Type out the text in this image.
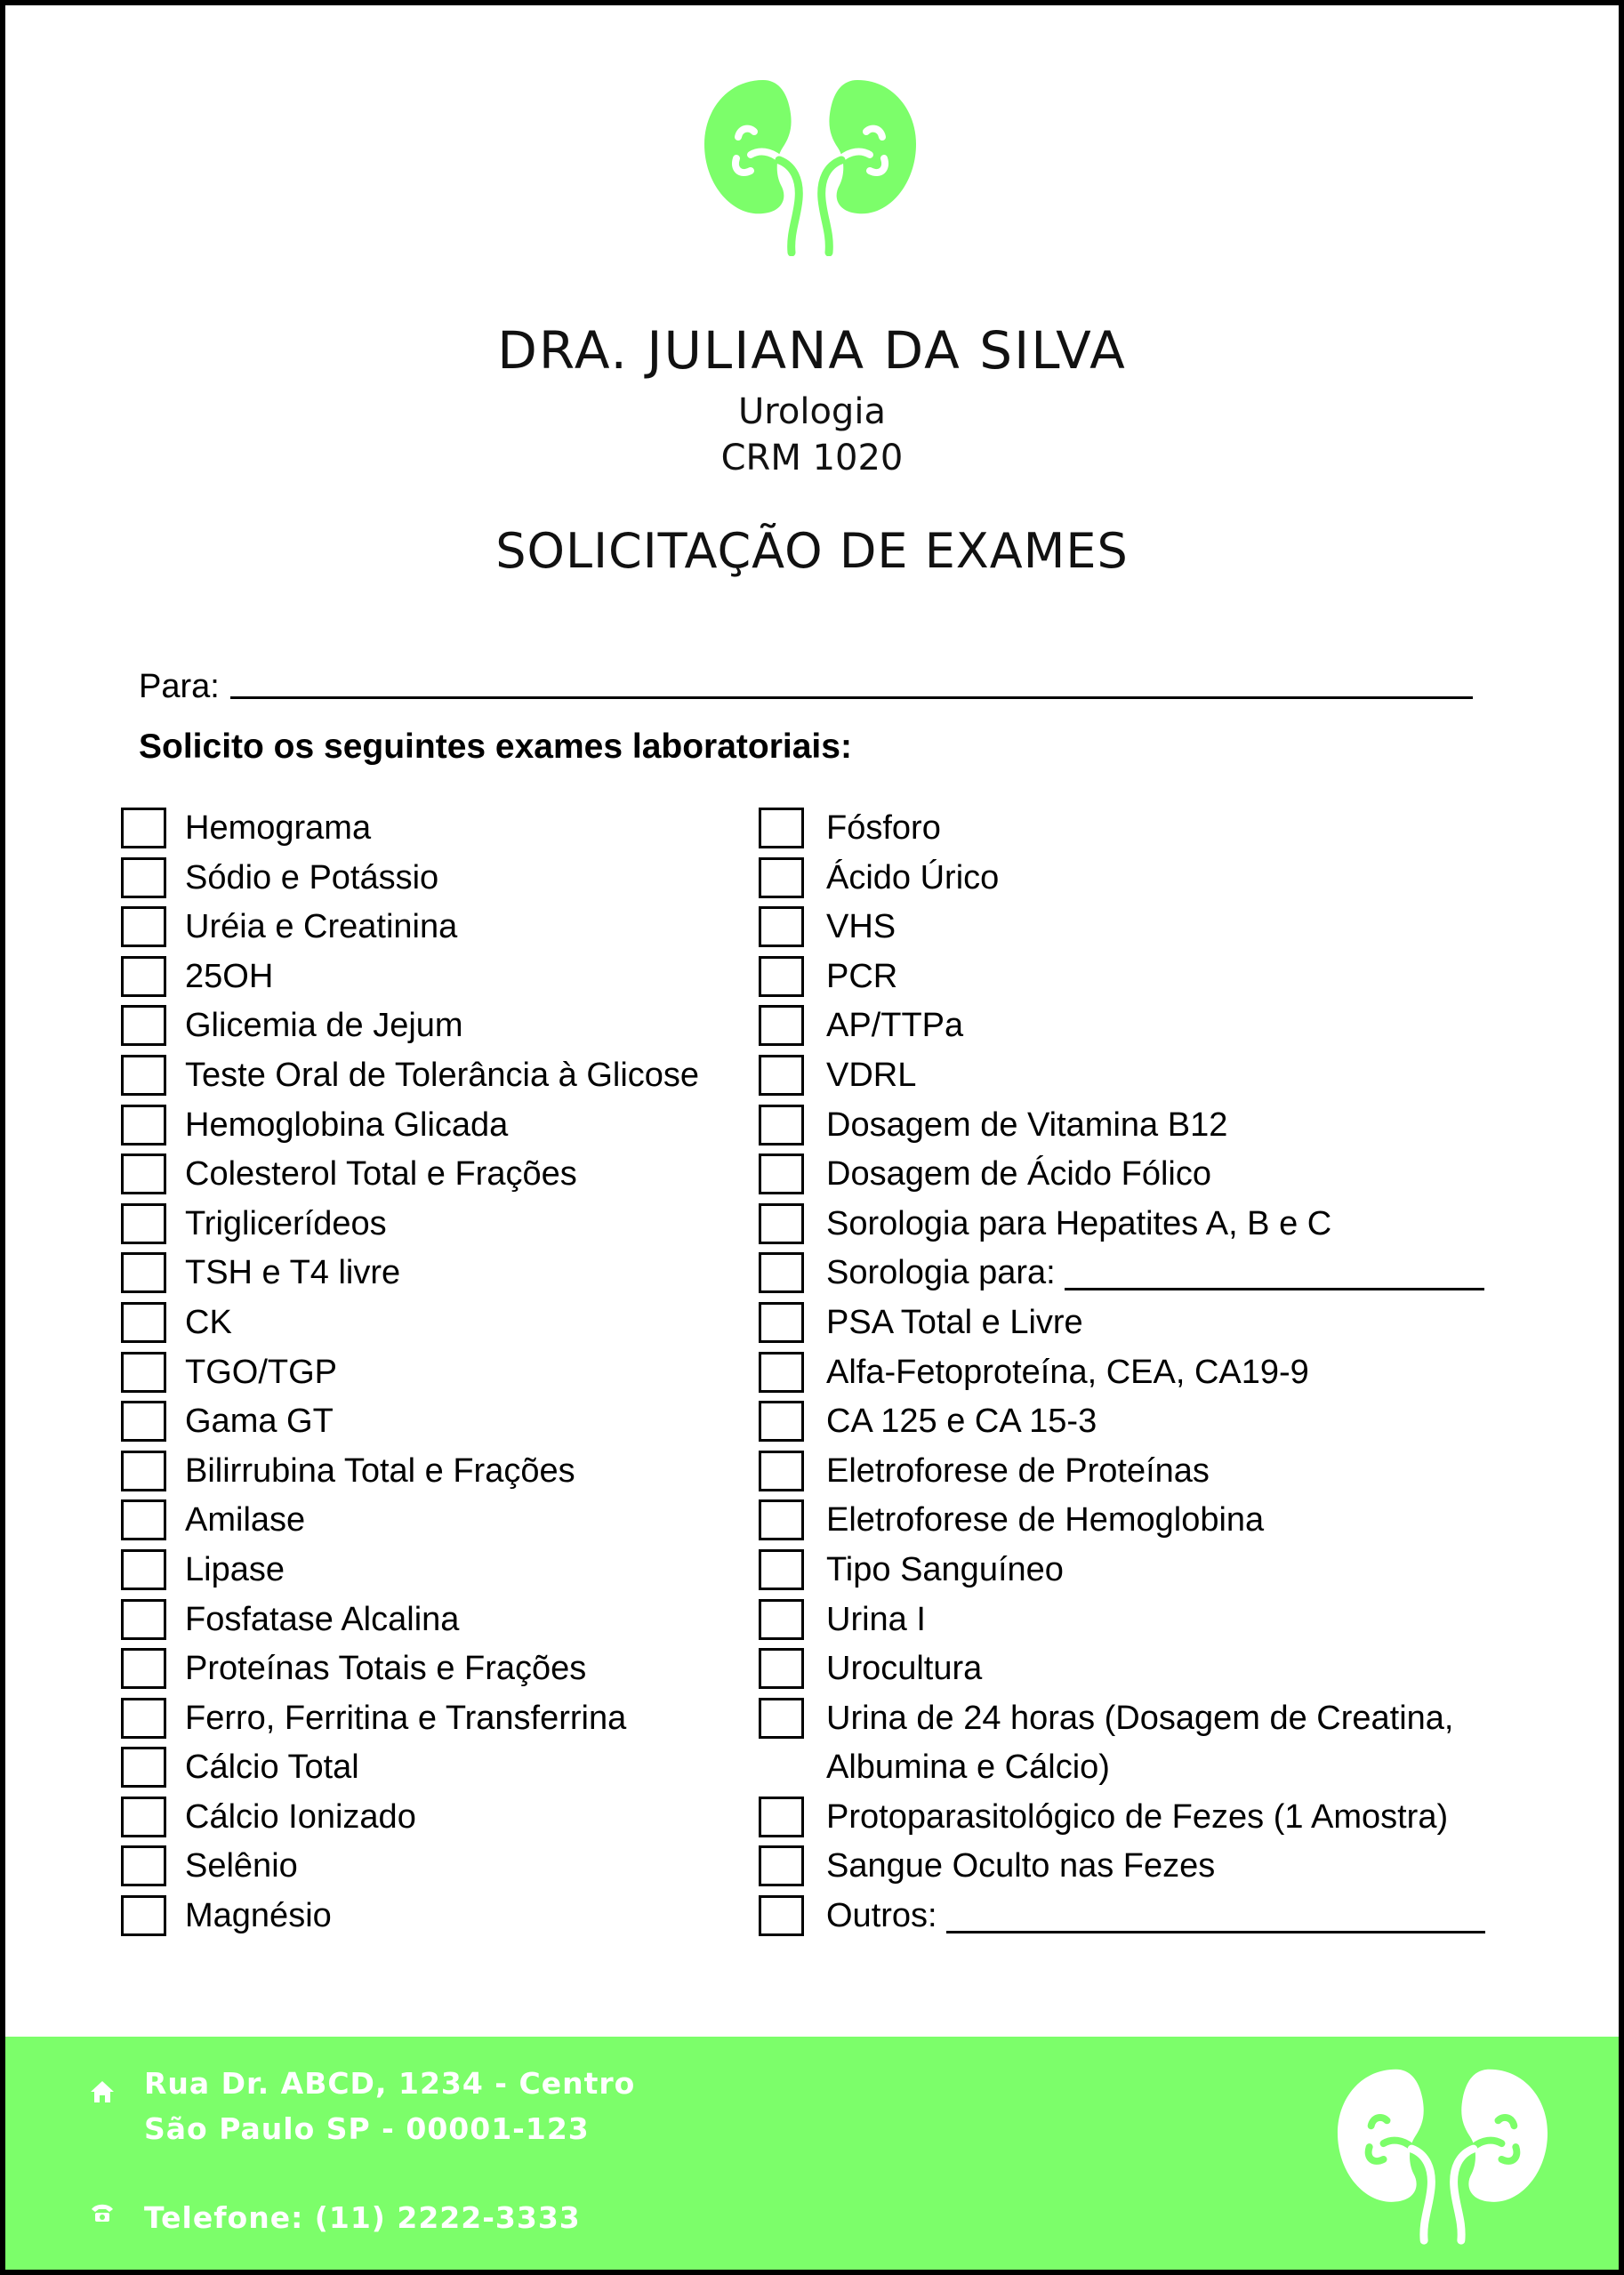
DRA. JULIANA DA SILVA
Urologia
CRM 1020
SOLICITAÇÃO DE EXAMES
Para:
Solicito os seguintes exames laboratoriais:
Hemograma
Sódio e Potássio
Uréia e Creatinina
25OH
Glicemia de Jejum
Teste Oral de Tolerância à Glicose
Hemoglobina Glicada
Colesterol Total e Frações
Triglicerídeos
TSH e T4 livre
CK
TGO/TGP
Gama GT
Bilirrubina Total e Frações
Amilase
Lipase
Fosfatase Alcalina
Proteínas Totais e Frações
Ferro, Ferritina e Transferrina
Cálcio Total
Cálcio Ionizado
Selênio
Magnésio
Fósforo
Ácido Úrico
VHS
PCR
AP/TTPa
VDRL
Dosagem de Vitamina B12
Dosagem de Ácido Fólico
Sorologia para Hepatites A, B e C
Sorologia para:
PSA Total e Livre
Alfa-Fetoproteína, CEA, CA19-9
CA 125 e CA 15-3
Eletroforese de Proteínas
Eletroforese de Hemoglobina
Tipo Sanguíneo
Urina I
Urocultura
Urina de 24 horas (Dosagem de Creatina, Albumina e Cálcio)
Protoparasitológico de Fezes (1 Amostra)
Sangue Oculto nas Fezes
Outros:
Rua Dr. ABCD, 1234 - Centro
São Paulo SP - 00001-123
Telefone: (11) 2222-3333
